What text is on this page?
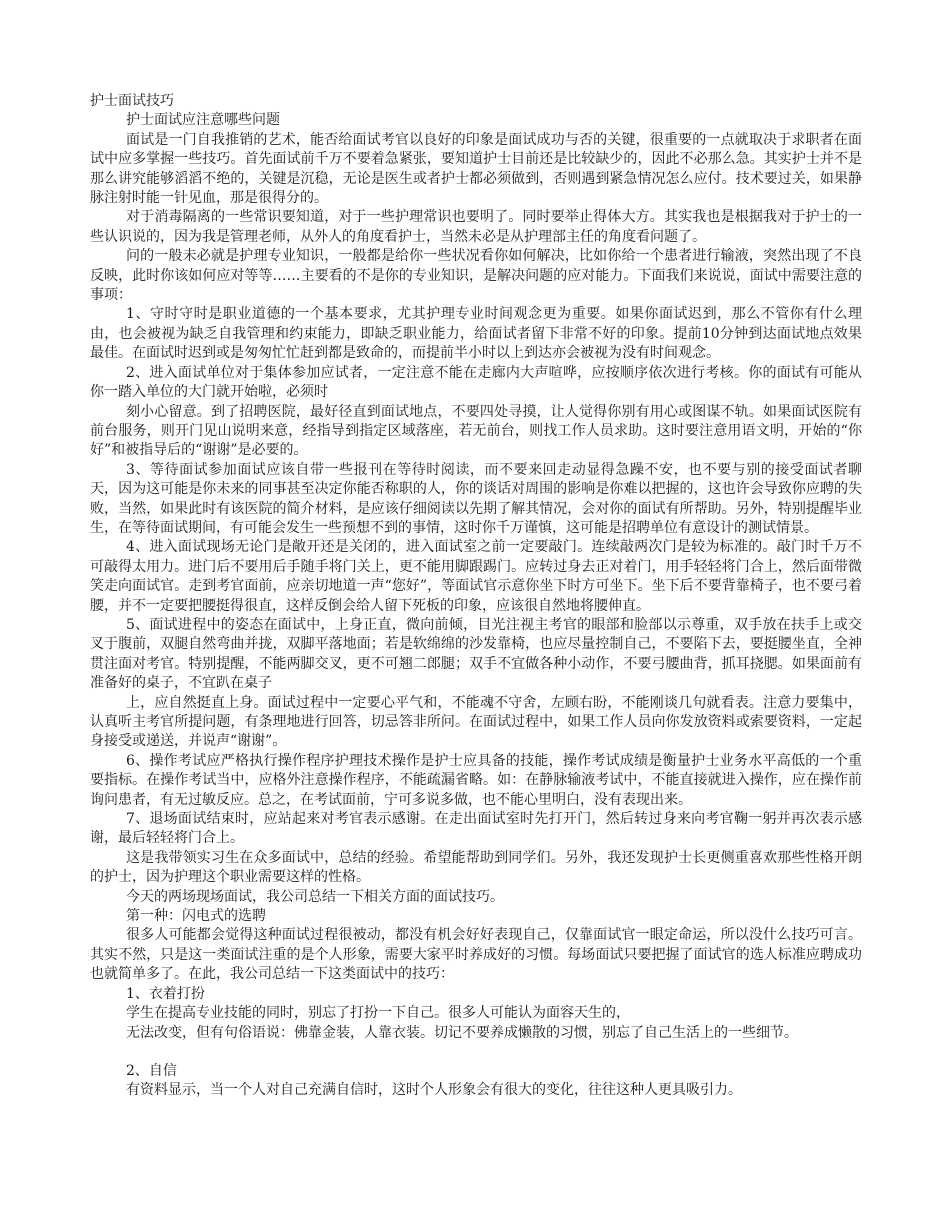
护士面试技巧

护士面试应注意哪些问题

面试是一门自我推销的艺术，能否给面试考官以良好的印象是面试成功与否的关键，很重要的一点就取决于求职者在面试中应多掌握一些技巧。首先面试前千万不要着急紧张，要知道护士目前还是比较缺少的，因此不必那么急。其实护士并不是那么讲究能够滔滔不绝的，关键是沉稳，无论是医生或者护士都必须做到，否则遇到紧急情况怎么应付。技术要过关，如果静脉注射时能一针见血，那是很得分的。

对于消毒隔离的一些常识要知道，对于一些护理常识也要明了。同时要举止得体大方。其实我也是根据我对于护士的一些认识说的，因为我是管理老师，从外人的角度看护士，当然未必是从护理部主任的角度看问题了。

问的一般未必就是护理专业知识，一般都是给你一些状况看你如何解决，比如你给一个患者进行输液，突然出现了不良反映，此时你该如何应对等等……主要看的不是你的专业知识，是解决问题的应对能力。下面我们来说说，面试中需要注意的事项：

1、守时守时是职业道德的一个基本要求，尤其护理专业时间观念更为重要。如果你面试迟到，那么不管你有什么理由，也会被视为缺乏自我管理和约束能力，即缺乏职业能力，给面试者留下非常不好的印象。提前10分钟到达面试地点效果最佳。在面试时迟到或是匆匆忙忙赶到都是致命的，而提前半小时以上到达亦会被视为没有时间观念。

2、进入面试单位对于集体参加应试者，一定注意不能在走廊内大声喧哗，应按顺序依次进行考核。你的面试有可能从你一踏入单位的大门就开始啦，必须时

刻小心留意。到了招聘医院，最好径直到面试地点，不要四处寻摸，让人觉得你别有用心或图谋不轨。如果面试医院有前台服务，则开门见山说明来意，经指导到指定区域落座，若无前台，则找工作人员求助。这时要注意用语文明，开始的“你好”和被指导后的“谢谢”是必要的。

3、等待面试参加面试应该自带一些报刊在等待时阅读，而不要来回走动显得急躁不安，也不要与别的接受面试者聊天，因为这可能是你未来的同事甚至决定你能否称职的人，你的谈话对周围的影响是你难以把握的，这也许会导致你应聘的失败，当然，如果此时有该医院的简介材料，是应该仔细阅读以先期了解其情况，会对你的面试有所帮助。另外，特别提醒毕业生，在等待面试期间，有可能会发生一些预想不到的事情，这时你千万谨慎，这可能是招聘单位有意设计的测试情景。

4、进入面试现场无论门是敞开还是关闭的，进入面试室之前一定要敲门。连续敲两次门是较为标准的。敲门时千万不可敲得太用力。进门后不要用后手随手将门关上，更不能用脚跟踢门。应转过身去正对着门，用手轻轻将门合上，然后面带微笑走向面试官。走到考官面前，应亲切地道一声“您好”，等面试官示意你坐下时方可坐下。坐下后不要背靠椅子，也不要弓着腰，并不一定要把腰挺得很直，这样反倒会给人留下死板的印象，应该很自然地将腰伸直。

5、面试进程中的姿态在面试中，上身正直，微向前倾，目光注视主考官的眼部和脸部以示尊重，双手放在扶手上或交叉于腹前，双腿自然弯曲并拢，双脚平落地面；若是软绵绵的沙发靠椅，也应尽量控制自己，不要陷下去，要挺腰坐直，全神贯注面对考官。特别提醒，不能两脚交叉，更不可翘二郎腿；双手不宜做各种小动作，不要弓腰曲背，抓耳挠腮。如果面前有准备好的桌子，不宜趴在桌子

上，应自然挺直上身。面试过程中一定要心平气和，不能魂不守舍，左顾右盼，不能刚谈几句就看表。注意力要集中，认真听主考官所提问题，有条理地进行回答，切忌答非所问。在面试过程中，如果工作人员向你发放资料或索要资料，一定起身接受或递送，并说声“谢谢”。

6、操作考试应严格执行操作程序护理技术操作是护士应具备的技能，操作考试成绩是衡量护士业务水平高低的一个重要指标。在操作考试当中，应格外注意操作程序，不能疏漏省略。如：在静脉输液考试中，不能直接就进入操作，应在操作前询问患者，有无过敏反应。总之，在考试面前，宁可多说多做，也不能心里明白，没有表现出来。

7、退场面试结束时，应站起来对考官表示感谢。在走出面试室时先打开门，然后转过身来向考官鞠一躬并再次表示感谢，最后轻轻将门合上。

这是我带领实习生在众多面试中，总结的经验。希望能帮助到同学们。另外，我还发现护士长更侧重喜欢那些性格开朗的护士，因为护理这个职业需要这样的性格。

今天的两场现场面试，我公司总结一下相关方面的面试技巧。

第一种：闪电式的选聘

很多人可能都会觉得这种面试过程很被动，都没有机会好好表现自己，仅靠面试官一眼定命运，所以没什么技巧可言。其实不然，只是这一类面试注重的是个人形象，需要大家平时养成好的习惯。每场面试只要把握了面试官的选人标准应聘成功也就简单多了。在此，我公司总结一下这类面试中的技巧：

1、衣着打扮

学生在提高专业技能的同时，别忘了打扮一下自己。很多人可能认为面容天生的，

无法改变，但有句俗语说：佛靠金装，人靠衣装。切记不要养成懒散的习惯，别忘了自己生活上的一些细节。

2、自信

有资料显示，当一个人对自己充满自信时，这时个人形象会有很大的变化，往往这种人更具吸引力。
